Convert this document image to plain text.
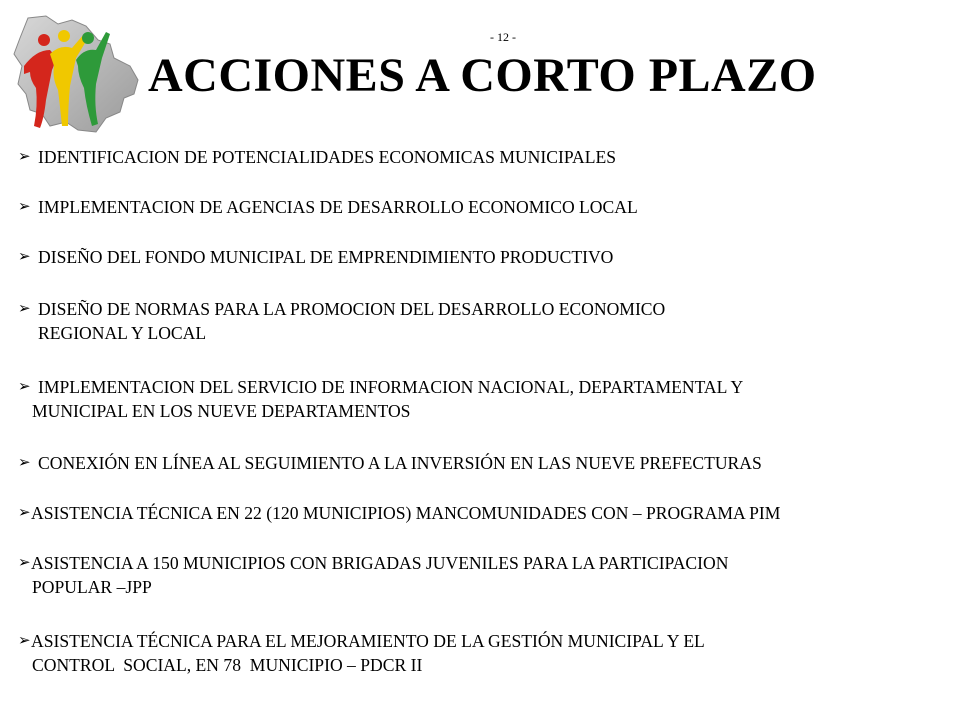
- 12 -
ACCIONES A CORTO PLAZO
➢ IDENTIFICACION DE POTENCIALIDADES ECONOMICAS MUNICIPALES
➢ IMPLEMENTACION DE AGENCIAS DE DESARROLLO ECONOMICO LOCAL
➢ DISEÑO DEL FONDO MUNICIPAL DE EMPRENDIMIENTO PRODUCTIVO
➢ DISEÑO DE NORMAS PARA LA PROMOCION DEL DESARROLLO ECONOMICO
REGIONAL Y LOCAL
➢ IMPLEMENTACION DEL SERVICIO DE INFORMACION NACIONAL, DEPARTAMENTAL Y
MUNICIPAL EN LOS NUEVE DEPARTAMENTOS
➢ CONEXIÓN EN LÍNEA AL SEGUIMIENTO A LA INVERSIÓN EN LAS NUEVE PREFECTURAS
➢ASISTENCIA TÉCNICA EN 22 (120 MUNICIPIOS) MANCOMUNIDADES CON – PROGRAMA PIM
➢ASISTENCIA A 150 MUNICIPIOS CON BRIGADAS JUVENILES PARA LA PARTICIPACION
POPULAR –JPP
➢ASISTENCIA TÉCNICA PARA EL MEJORAMIENTO DE LA GESTIÓN MUNICIPAL Y EL
CONTROL  SOCIAL, EN 78  MUNICIPIO – PDCR II
